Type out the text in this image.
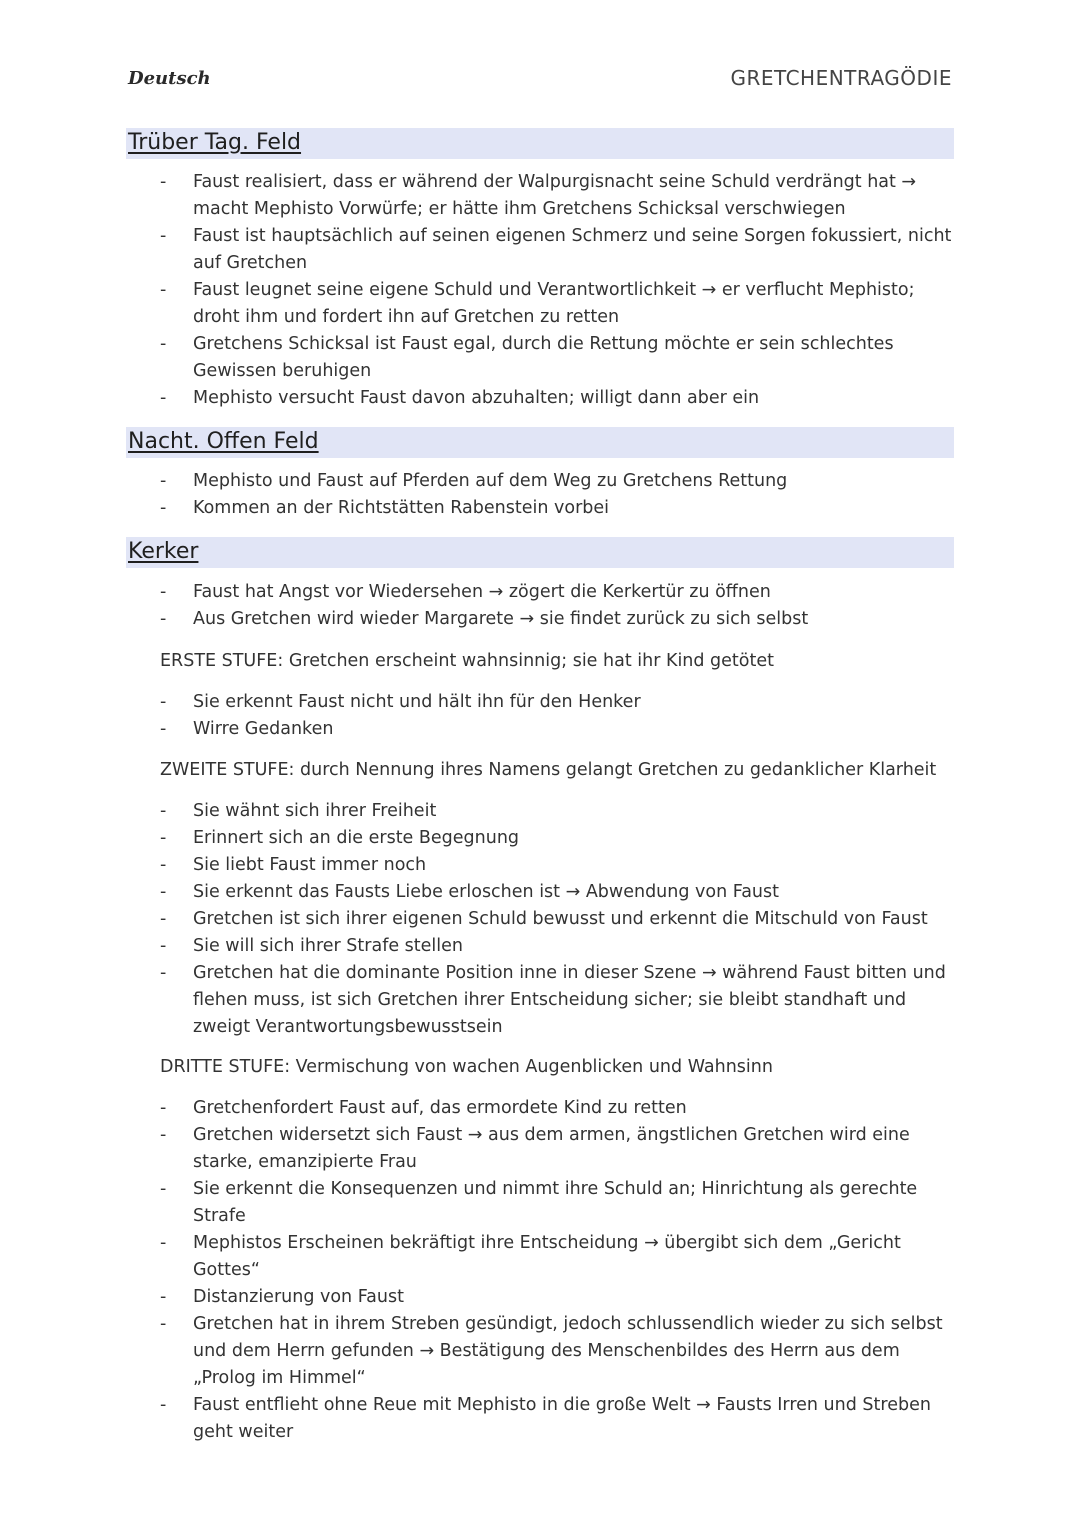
Deutsch	GRETCHENTRAGÖDIE
Trüber Tag. Feld
- Faust realisiert, dass er während der Walpurgisnacht seine Schuld verdrängt hat → macht Mephisto Vorwürfe; er hätte ihm Gretchens Schicksal verschwiegen
- Faust ist hauptsächlich auf seinen eigenen Schmerz und seine Sorgen fokussiert, nicht auf Gretchen
- Faust leugnet seine eigene Schuld und Verantwortlichkeit → er verflucht Mephisto; droht ihm und fordert ihn auf Gretchen zu retten
- Gretchens Schicksal ist Faust egal, durch die Rettung möchte er sein schlechtes Gewissen beruhigen
- Mephisto versucht Faust davon abzuhalten; willigt dann aber ein
Nacht. Offen Feld
- Mephisto und Faust auf Pferden auf dem Weg zu Gretchens Rettung
- Kommen an der Richtstätten Rabenstein vorbei
Kerker
- Faust hat Angst vor Wiedersehen → zögert die Kerkertür zu öffnen
- Aus Gretchen wird wieder Margarete → sie findet zurück zu sich selbst
ERSTE STUFE: Gretchen erscheint wahnsinnig; sie hat ihr Kind getötet
- Sie erkennt Faust nicht und hält ihn für den Henker
- Wirre Gedanken
ZWEITE STUFE: durch Nennung ihres Namens gelangt Gretchen zu gedanklicher Klarheit
- Sie wähnt sich ihrer Freiheit
- Erinnert sich an die erste Begegnung
- Sie liebt Faust immer noch
- Sie erkennt das Fausts Liebe erloschen ist → Abwendung von Faust
- Gretchen ist sich ihrer eigenen Schuld bewusst und erkennt die Mitschuld von Faust
- Sie will sich ihrer Strafe stellen
- Gretchen hat die dominante Position inne in dieser Szene → während Faust bitten und flehen muss, ist sich Gretchen ihrer Entscheidung sicher; sie bleibt standhaft und zweigt Verantwortungsbewusstsein
DRITTE STUFE: Vermischung von wachen Augenblicken und Wahnsinn
- Gretchenfordert Faust auf, das ermordete Kind zu retten
- Gretchen widersetzt sich Faust → aus dem armen, ängstlichen Gretchen wird eine starke, emanzipierte Frau
- Sie erkennt die Konsequenzen und nimmt ihre Schuld an; Hinrichtung als gerechte Strafe
- Mephistos Erscheinen bekräftigt ihre Entscheidung → übergibt sich dem „Gericht Gottes“
- Distanzierung von Faust
- Gretchen hat in ihrem Streben gesündigt, jedoch schlussendlich wieder zu sich selbst und dem Herrn gefunden → Bestätigung des Menschenbildes des Herrn aus dem „Prolog im Himmel“
- Faust entflieht ohne Reue mit Mephisto in die große Welt → Fausts Irren und Streben geht weiter
